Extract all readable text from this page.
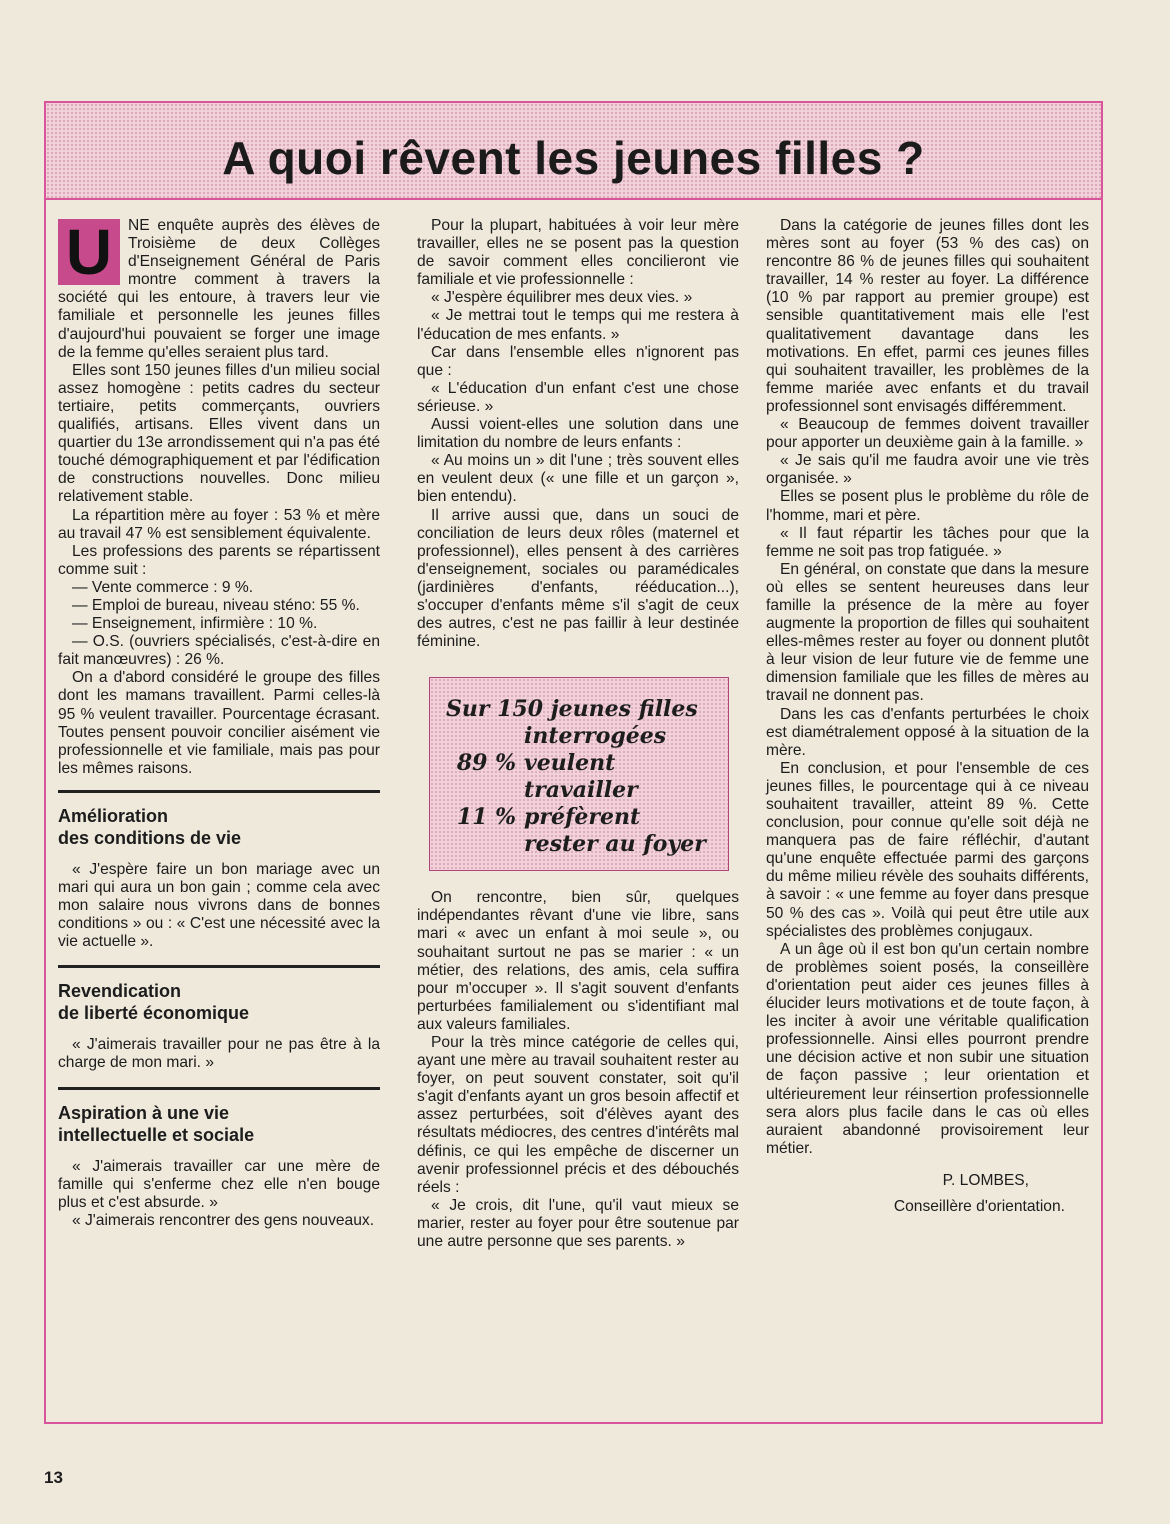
A quoi rêvent les jeunes filles ?

U	NE enquête auprès des élèves de Troisième de deux Collèges d'Enseignement Général de Paris montre comment à travers la société qui les entoure, à travers leur vie familiale et personnelle les jeunes filles d'aujourd'hui pouvaient se forger une image de la femme qu'elles seraient plus tard.

Elles sont 150 jeunes filles d'un milieu social assez homogène : petits cadres du secteur tertiaire, petits commerçants, ouvriers qualifiés, artisans. Elles vivent dans un quartier du 13e arrondissement qui n'a pas été touché démographiquement et par l'édification de constructions nouvelles. Donc milieu relativement stable.

La répartition mère au foyer : 53 % et mère au travail 47 % est sensiblement équivalente.

Les professions des parents se répartissent comme suit :

— Vente commerce : 9 %.

— Emploi de bureau, niveau sténo: 55 %.

— Enseignement, infirmière : 10 %.

— O.S. (ouvriers spécialisés, c'est-à-dire en fait manœuvres) : 26 %.

On a d'abord considéré le groupe des filles dont les mamans travaillent. Parmi celles-là 95 % veulent travailler. Pourcentage écrasant. Toutes pensent pouvoir concilier aisément vie professionnelle et vie familiale, mais pas pour les mêmes raisons.

Amélioration
des conditions de vie

« J'espère faire un bon mariage avec un mari qui aura un bon gain ; comme cela avec mon salaire nous vivrons dans de bonnes conditions » ou : « C'est une nécessité avec la vie actuelle ».

Revendication
de liberté économique

« J'aimerais travailler pour ne pas être à la charge de mon mari. »

Aspiration à une vie
intellectuelle et sociale

« J'aimerais travailler car une mère de famille qui s'enferme chez elle n'en bouge plus et c'est absurde. »

« J'aimerais rencontrer des gens nouveaux.

Pour la plupart, habituées à voir leur mère travailler, elles ne se posent pas la question de savoir comment elles concilieront vie familiale et vie professionnelle :

« J'espère équilibrer mes deux vies. »

« Je mettrai tout le temps qui me restera à l'éducation de mes enfants. »

Car dans l'ensemble elles n'ignorent pas que :

« L'éducation d'un enfant c'est une chose sérieuse. »

Aussi voient-elles une solution dans une limitation du nombre de leurs enfants :

« Au moins un » dit l'une ; très souvent elles en veulent deux (« une fille et un garçon », bien entendu).

Il arrive aussi que, dans un souci de conciliation de leurs deux rôles (maternel et professionnel), elles pensent à des carrières d'enseignement, sociales ou paramédicales (jardinières d'enfants, rééducation...), s'occuper d'enfants même s'il s'agit de ceux des autres, c'est ne pas faillir à leur destinée féminine.

Sur 150 jeunes filles
interrogées
89 % veulent
travailler
11 % préfèrent
rester au foyer

On rencontre, bien sûr, quelques indépendantes rêvant d'une vie libre, sans mari « avec un enfant à moi seule », ou souhaitant surtout ne pas se marier : « un métier, des relations, des amis, cela suffira pour m'occuper ». Il s'agit souvent d'enfants perturbées familialement ou s'identifiant mal aux valeurs familiales.

Pour la très mince catégorie de celles qui, ayant une mère au travail souhaitent rester au foyer, on peut souvent constater, soit qu'il s'agit d'enfants ayant un gros besoin affectif et assez perturbées, soit d'élèves ayant des résultats médiocres, des centres d'intérêts mal définis, ce qui les empêche de discerner un avenir professionnel précis et des débouchés réels :

« Je crois, dit l'une, qu'il vaut mieux se marier, rester au foyer pour être soutenue par une autre personne que ses parents. »

Dans la catégorie de jeunes filles dont les mères sont au foyer (53 % des cas) on rencontre 86 % de jeunes filles qui souhaitent travailler, 14 % rester au foyer. La différence (10 % par rapport au premier groupe) est sensible quantitativement mais elle l'est qualitativement davantage dans les motivations. En effet, parmi ces jeunes filles qui souhaitent travailler, les problèmes de la femme mariée avec enfants et du travail professionnel sont envisagés différemment.

« Beaucoup de femmes doivent travailler pour apporter un deuxième gain à la famille. »

« Je sais qu'il me faudra avoir une vie très organisée. »

Elles se posent plus le problème du rôle de l'homme, mari et père.

« Il faut répartir les tâches pour que la femme ne soit pas trop fatiguée. »

En général, on constate que dans la mesure où elles se sentent heureuses dans leur famille la présence de la mère au foyer augmente la proportion de filles qui souhaitent elles-mêmes rester au foyer ou donnent plutôt à leur vision de leur future vie de femme une dimension familiale que les filles de mères au travail ne donnent pas.

Dans les cas d'enfants perturbées le choix est diamétralement opposé à la situation de la mère.

En conclusion, et pour l'ensemble de ces jeunes filles, le pourcentage qui à ce niveau souhaitent travailler, atteint 89 %. Cette conclusion, pour connue qu'elle soit déjà ne manquera pas de faire réfléchir, d'autant qu'une enquête effectuée parmi des garçons du même milieu révèle des souhaits différents, à savoir : « une femme au foyer dans presque 50 % des cas ». Voilà qui peut être utile aux spécialistes des problèmes conjugaux.

A un âge où il est bon qu'un certain nombre de problèmes soient posés, la conseillère d'orientation peut aider ces jeunes filles à élucider leurs motivations et de toute façon, à les inciter à avoir une véritable qualification professionnelle. Ainsi elles pourront prendre une décision active et non subir une situation de façon passive ; leur orientation et ultérieurement leur réinsertion professionnelle sera alors plus facile dans le cas où elles auraient abandonné provisoirement leur métier.

P. LOMBES,
Conseillère d'orientation.
13
